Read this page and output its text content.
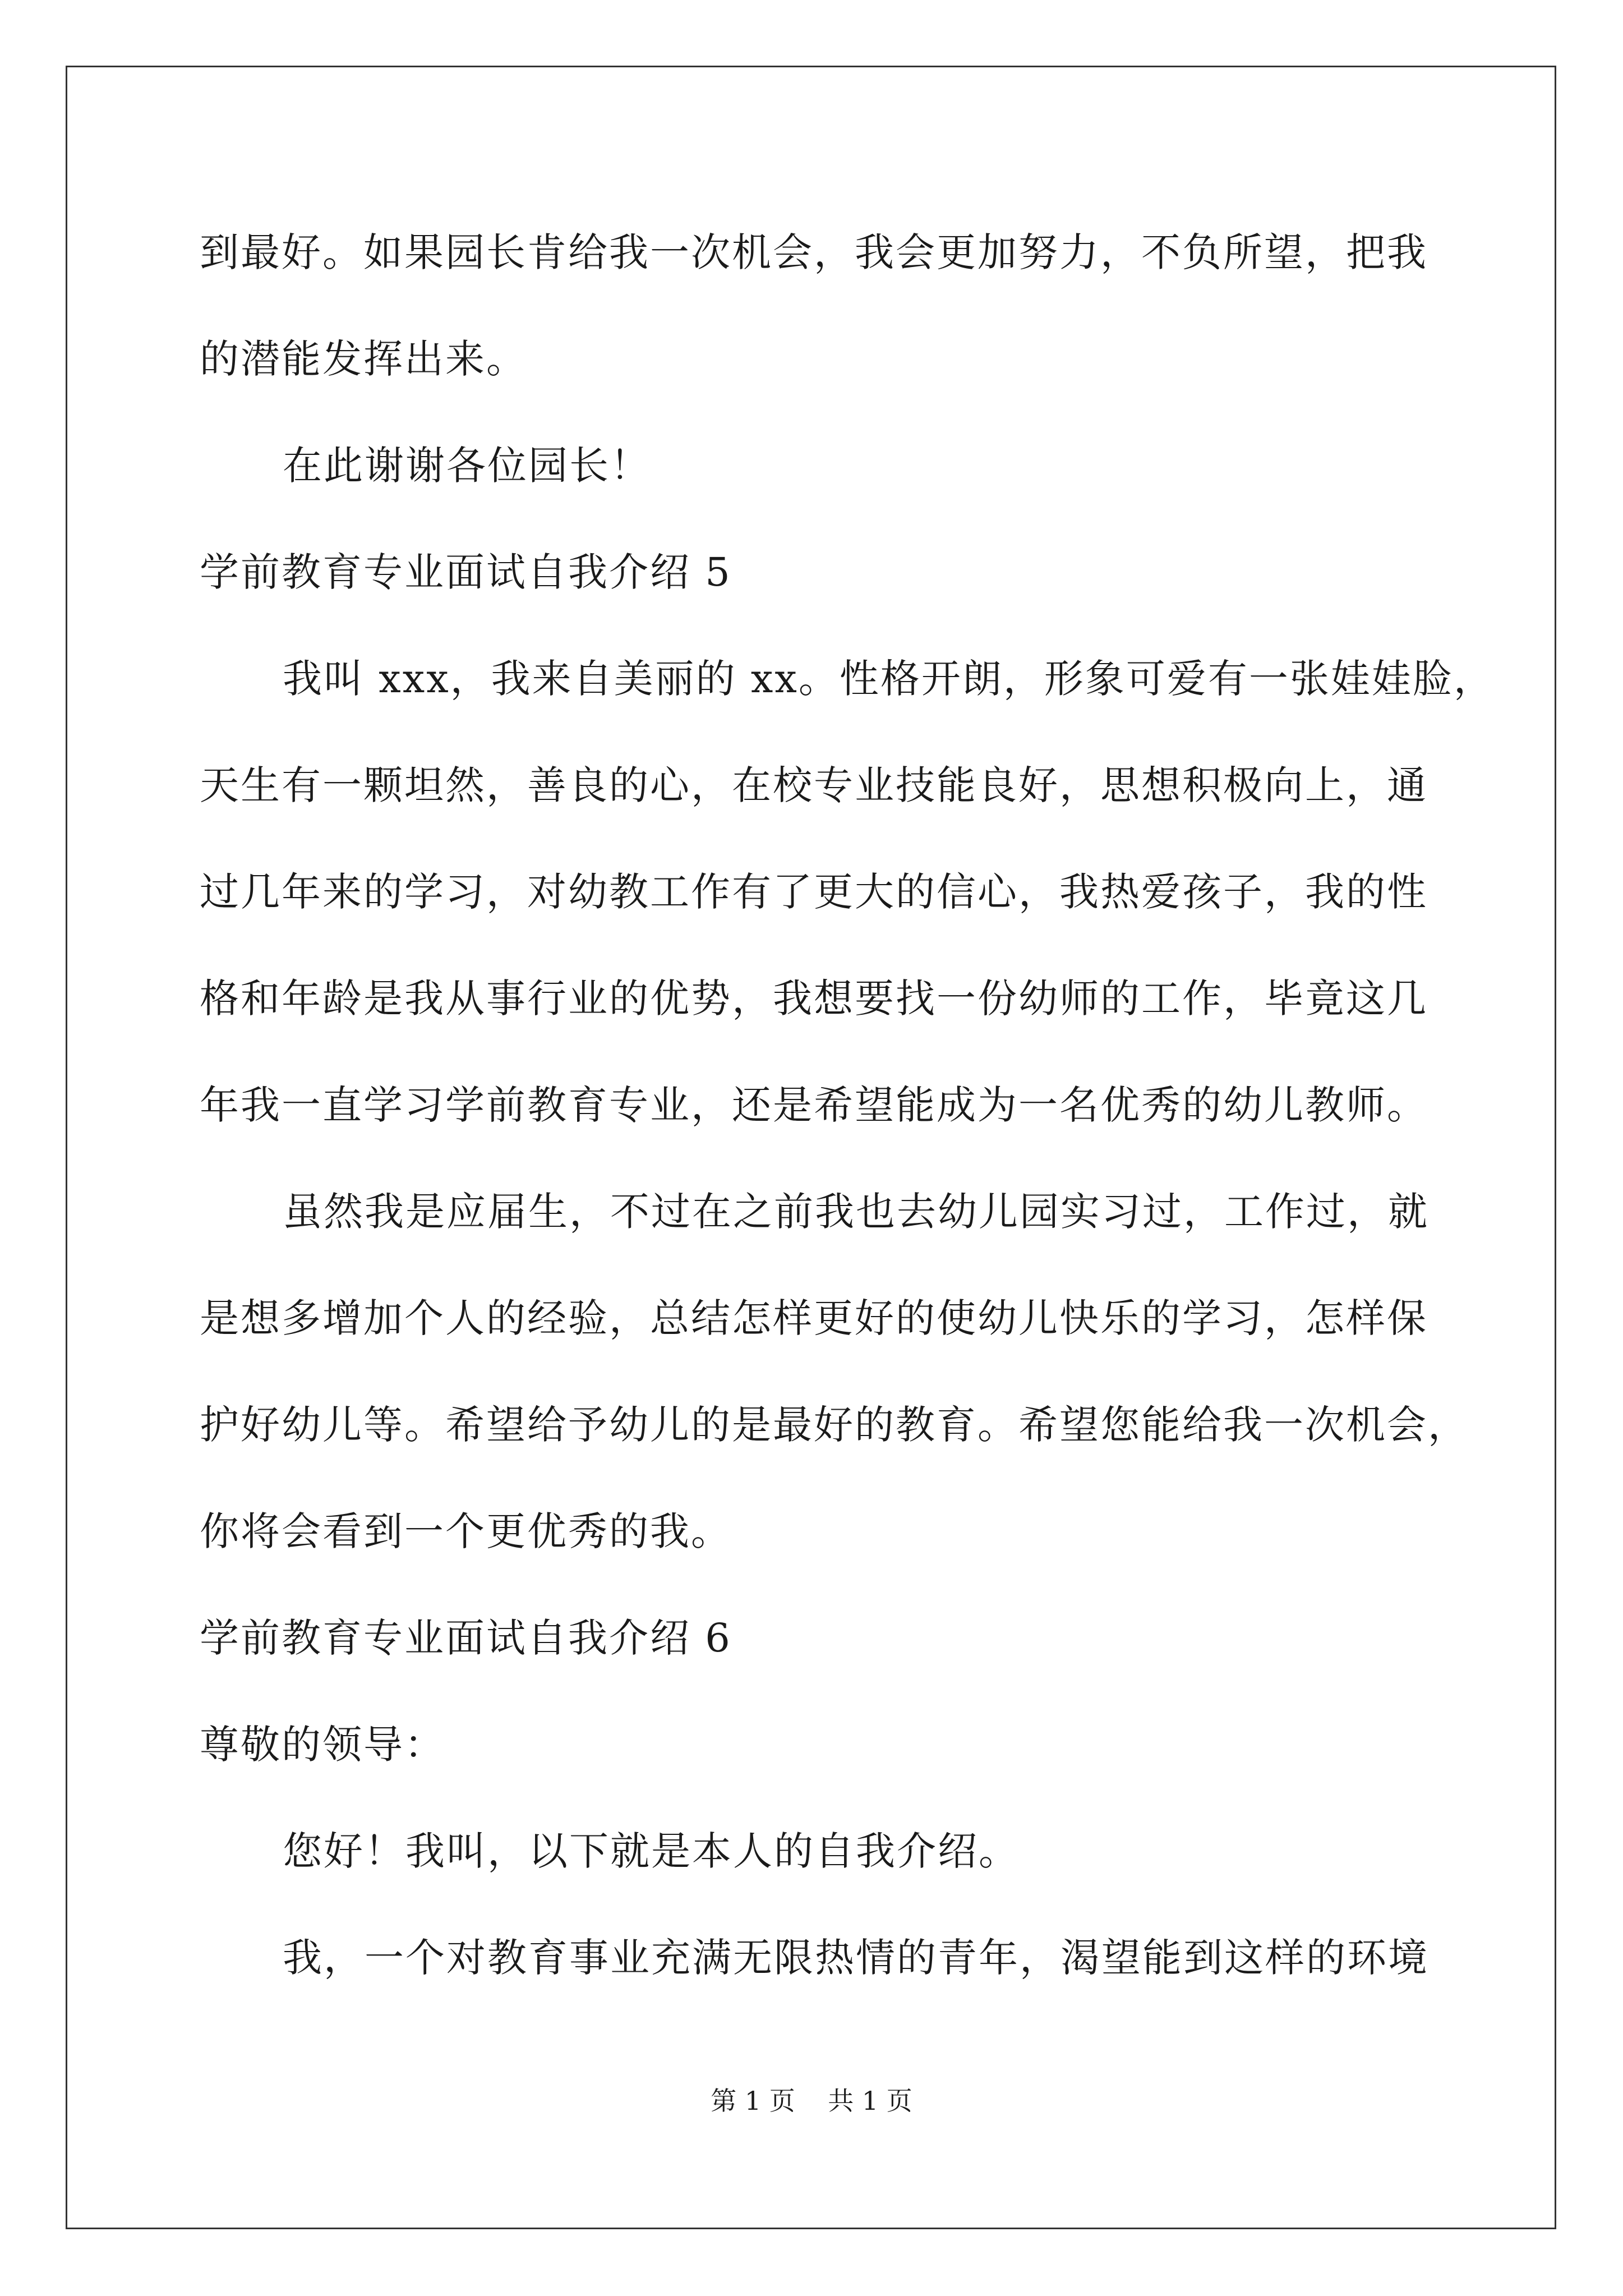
到最好。如果园长肯给我一次机会，我会更加努力，不负所望，把我

的潜能发挥出来。

在此谢谢各位园长！

学前教育专业面试自我介绍 5

我叫 xxx，我来自美丽的 xx。性格开朗，形象可爱有一张娃娃脸，

天生有一颗坦然，善良的心，在校专业技能良好，思想积极向上，通

过几年来的学习，对幼教工作有了更大的信心，我热爱孩子，我的性

格和年龄是我从事行业的优势，我想要找一份幼师的工作，毕竟这几

年我一直学习学前教育专业，还是希望能成为一名优秀的幼儿教师。

虽然我是应届生，不过在之前我也去幼儿园实习过，工作过，就

是想多增加个人的经验，总结怎样更好的使幼儿快乐的学习，怎样保

护好幼儿等。希望给予幼儿的是最好的教育。希望您能给我一次机会，

你将会看到一个更优秀的我。

学前教育专业面试自我介绍 6

尊敬的领导：

您好！我叫，以下就是本人的自我介绍。

我，一个对教育事业充满无限热情的青年，渴望能到这样的环境

第 1 页    共 1 页
